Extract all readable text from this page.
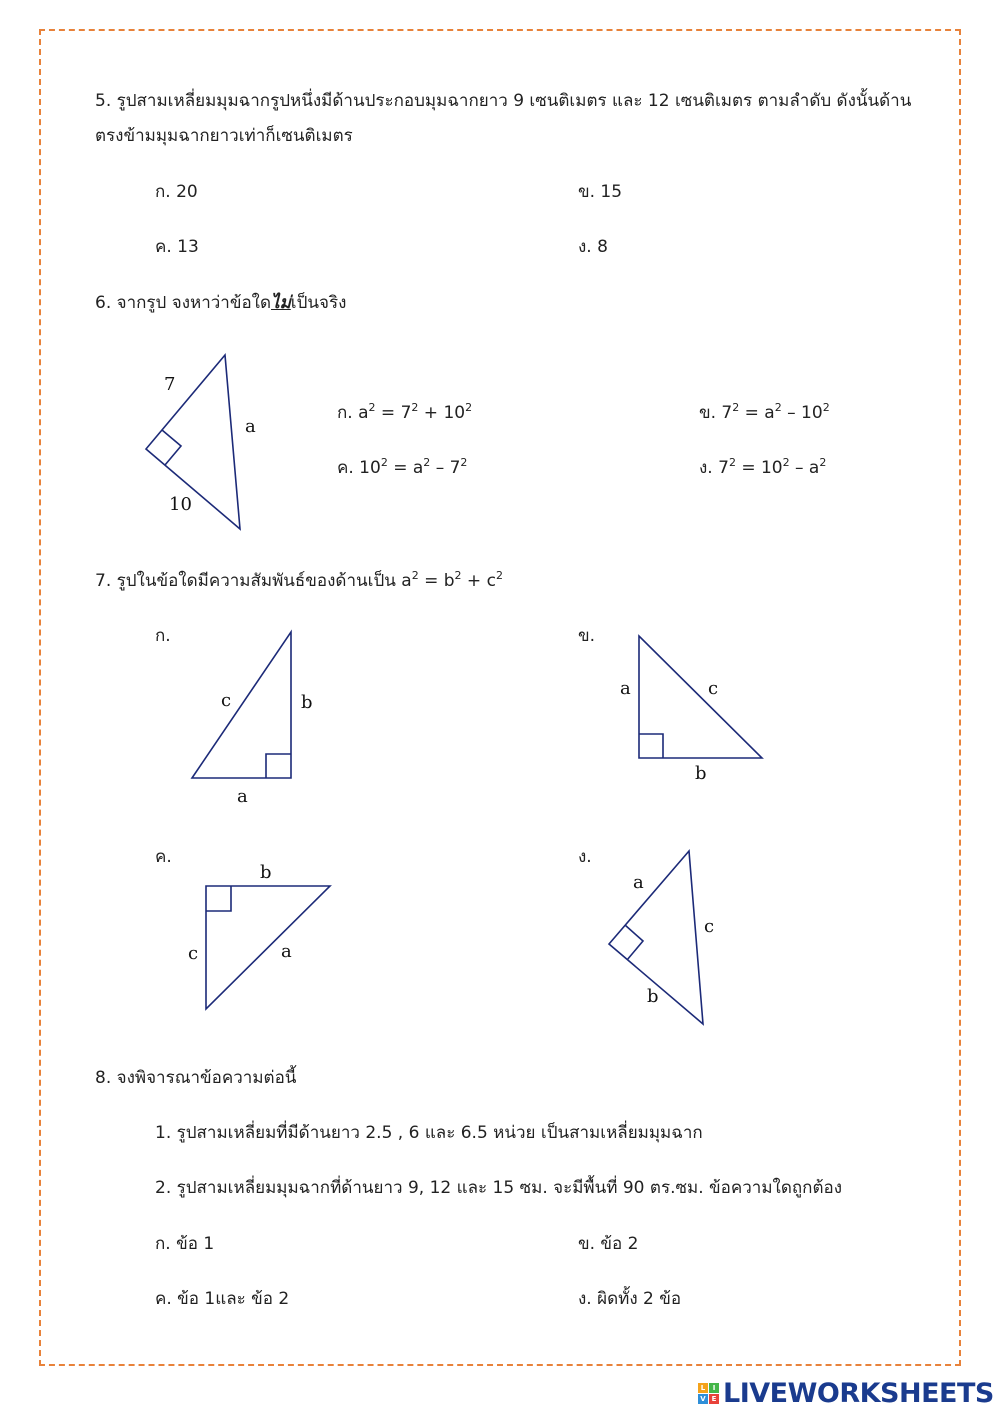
5. รูปสามเหลี่ยมมุมฉากรูปหนึ่งมีด้านประกอบมุมฉากยาว 9 เซนติเมตร และ 12 เซนติเมตร ตามลำดับ ดังนั้นด้าน
ตรงข้ามมุมฉากยาวเท่าก็เซนติเมตร
ก. 20	ข. 15
ค. 13	ง. 8
6. จากรูป จงหาว่าข้อใดไม่เป็นจริง
7
a
10
ก. $a^2 = 7^2 + 10^2$	ข. $7^2 = a^2 - 10^2$
ค. $10^2 = a^2 - 7^2$	ง. $7^2 = 10^2 - a^2$
7. รูปในข้อใดมีความสัมพันธ์ของด้านเป็น $a^2 = b^2 + c^2$
ก.	ข.
ค.	ง.
c	b
a
a	c
b
b
c	a
a
c
b
8. จงพิจารณาข้อความต่อนี้
1. รูปสามเหลี่ยมที่มีด้านยาว 2.5 , 6 และ 6.5 หน่วย เป็นสามเหลี่ยมมุมฉาก
2. รูปสามเหลี่ยมมุมฉากที่ด้านยาว 9, 12 และ 15 ซม. จะมีพื้นที่ 90 ตร.ซม. ข้อความใดถูกต้อง
ก. ข้อ 1	ข. ข้อ 2
ค. ข้อ 1และ ข้อ 2	ง. ผิดทั้ง 2 ข้อ
L	I
V E LIVEWORKSHEETS
